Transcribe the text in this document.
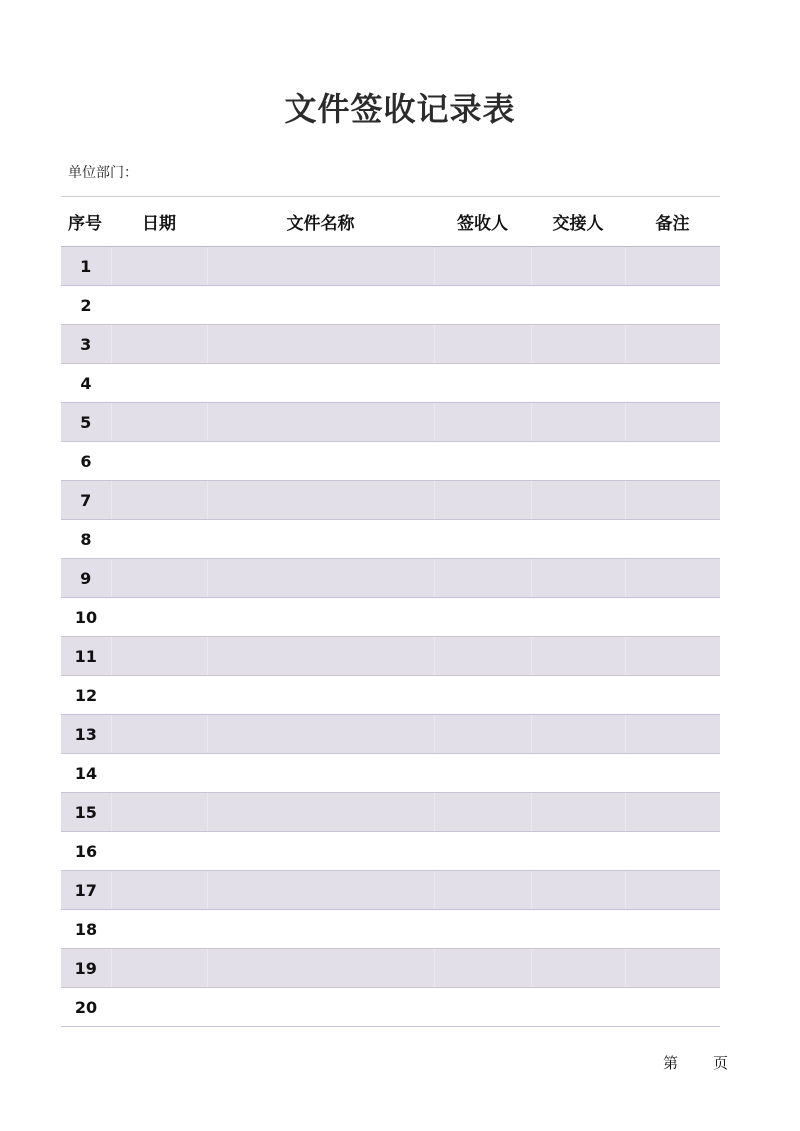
文件签收记录表
单位部门：
序号	日期	文件名称	签收人	交接人	备注
1					
2					
3					
4					
5					
6					
7					
8					
9					
10					
11					
12					
13					
14					
15					
16					
17					
18					
19					
20					
第 页
